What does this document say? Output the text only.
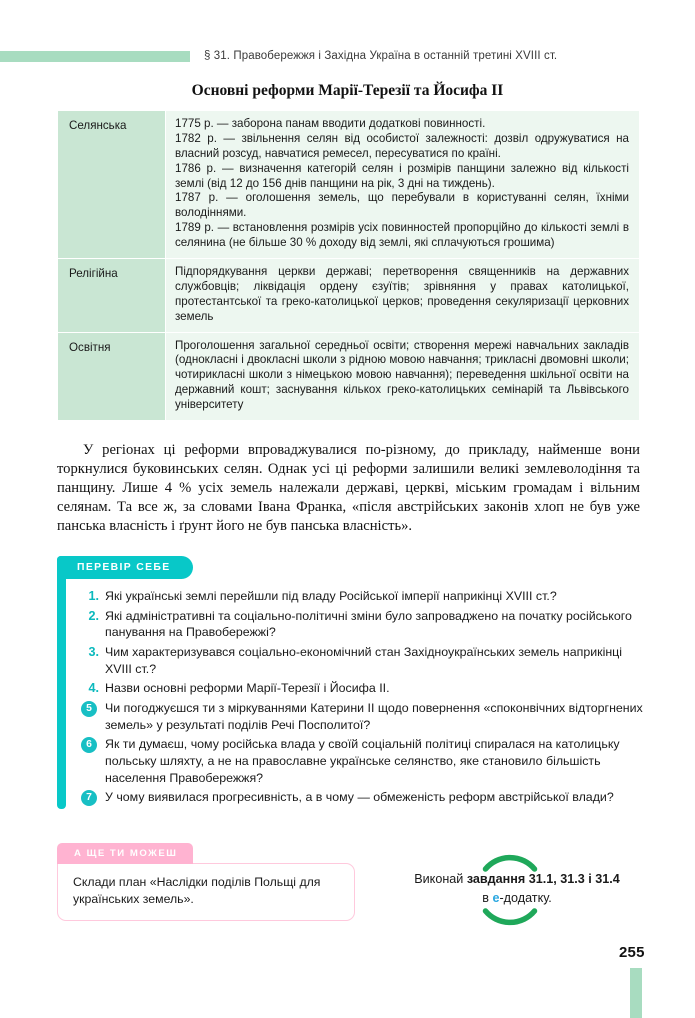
§ 31. Правобережжя і Західна Україна в останній третині XVIII ст.
Основні реформи Марії-Терезії та Йосифа II
Селянська	1775 р. — заборона панам вводити додаткові повинності.
1782 р. — звільнення селян від особистої залежності: дозвіл одружуватися на власний розсуд, навчатися ремесел, пересуватися по країні.
1786 р. — визначення категорій селян і розмірів панщини залежно від кількості землі (від 12 до 156 днів панщини на рік, 3 дні на тиждень).
1787 р. — оголошення земель, що перебували в користуванні селян, їхніми володіннями.
1789 р. — встановлення розмірів усіх повинностей пропорційно до кількості землі в селянина (не більше 30 % доходу від землі, які сплачуються грошима)

Релігійна	Підпорядкування церкви державі; перетворення священників на державних службовців; ліквідація ордену єзуїтів; зрівняння у правах католицької, протестантської та греко-католицької церков; проведення секуляризації церковних земель

Освітня	Проголошення загальної середньої освіти; створення мережі навчальних закладів (однокласні і двокласні школи з рідною мовою навчання; трикласні двомовні школи; чотирикласні школи з німецькою мовою навчання); переведення шкільної освіти на державний кошт; заснування кількох греко-католицьких семінарій та Львівського університету

У регіонах ці реформи впроваджувалися по-різному, до прикладу, найменше вони торкнулися буковинських селян. Однак усі ці реформи залишили великі землеволодіння та панщину. Лише 4 % усіх земель належали державі, церкві, міським громадам і вільним селянам. Та все ж, за словами Івана Франка, «після австрійських законів хлоп не був уже панська власність і ґрунт його не був панська власність».

ПЕРЕВІР СЕБЕ
1. Які українські землі перейшли під владу Російської імперії наприкінці XVIII ст.?
2. Які адміністративні та соціально-політичні зміни було запроваджено на початку російського панування на Правобережжі?
3. Чим характеризувався соціально-економічний стан Західноукраїнських земель наприкінці XVIII ст.?
4. Назви основні реформи Марії-Терезії і Йосифа II.
5	Чи погоджуєшся ти з міркуваннями Катерини II щодо повернення «споконвічних відторгнених земель» у результаті поділів Речі Посполитої?
6	Як ти думаєш, чому російська влада у своїй соціальній політиці спиралася на католицьку польську шляхту, а не на православне українське селянство, яке становило більшість населення Правобережжя?
7	У чому виявилася прогресивність, а в чому — обмеженість реформ австрійської влади?
А ЩЕ ТИ МОЖЕШ
Склади план «Наслідки поділів Польщі для українських земель».
Виконай завдання 31.1, 31.3 і 31.4
в е-додатку.
255
